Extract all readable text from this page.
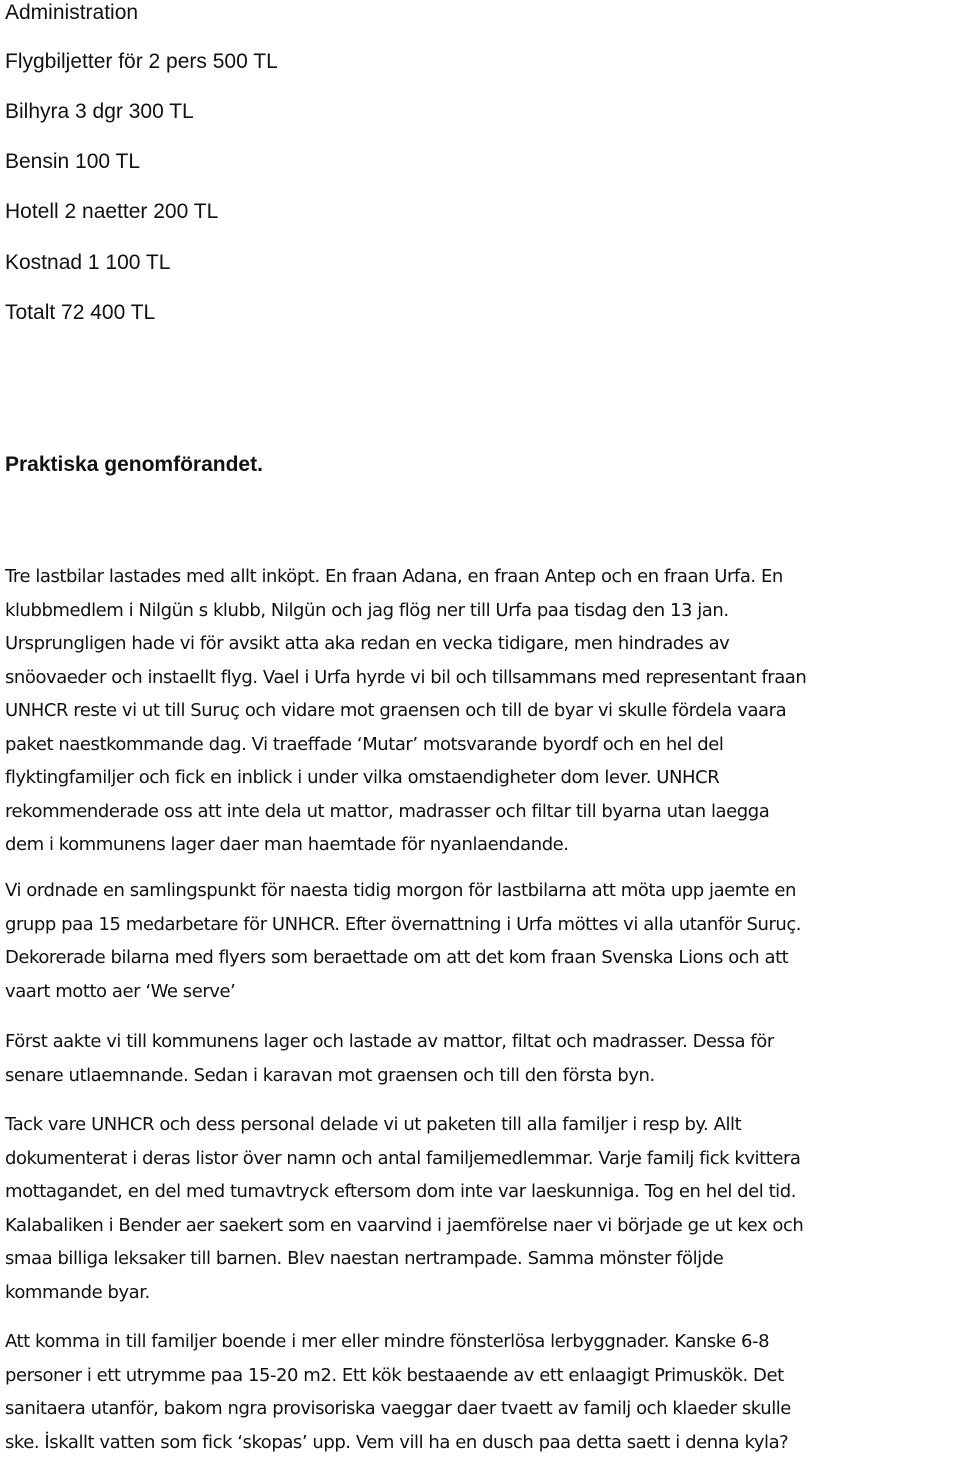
Administration

Flygbiljetter för 2 pers 500 TL

Bilhyra 3 dgr 300 TL

Bensin 100 TL

Hotell 2 naetter 200 TL

Kostnad 1 100 TL

Totalt 72 400 TL

Praktiska genomförandet.

Tre lastbilar lastades med allt inköpt. En fraan Adana, en fraan Antep och en fraan Urfa. En

klubbmedlem i Nilgün s klubb, Nilgün och jag flög ner till Urfa paa tisdag den 13 jan.

Ursprungligen hade vi för avsikt atta aka redan en vecka tidigare, men hindrades av

snöovaeder och instaellt flyg. Vael i Urfa hyrde vi bil och tillsammans med representant fraan

UNHCR reste vi ut till Suruç och vidare mot graensen och till de byar vi skulle fördela vaara

paket naestkommande dag. Vi traeffade ‘Mutar’ motsvarande byordf och en hel del

flyktingfamiljer och fick en inblick i under vilka omstaendigheter dom lever. UNHCR

rekommenderade oss att inte dela ut mattor, madrasser och filtar till byarna utan laegga

dem i kommunens lager daer man haemtade för nyanlaendande.

Vi ordnade en samlingspunkt för naesta tidig morgon för lastbilarna att möta upp jaemte en

grupp paa 15 medarbetare för UNHCR. Efter övernattning i Urfa möttes vi alla utanför Suruç.

Dekorerade bilarna med flyers som beraettade om att det kom fraan Svenska Lions och att

vaart motto aer ‘We serve’

Först aakte vi till kommunens lager och lastade av mattor, filtat och madrasser. Dessa för

senare utlaemnande. Sedan i karavan mot graensen och till den första byn.

Tack vare UNHCR och dess personal delade vi ut paketen till alla familjer i resp by. Allt

dokumenterat i deras listor över namn och antal familjemedlemmar. Varje familj fick kvittera

mottagandet, en del med tumavtryck eftersom dom inte var laeskunniga. Tog en hel del tid.

Kalabaliken i Bender aer saekert som en vaarvind i jaemförelse naer vi började ge ut kex och

smaa billiga leksaker till barnen. Blev naestan nertrampade. Samma mönster följde

kommande byar.

Att komma in till familjer boende i mer eller mindre fönsterlösa lerbyggnader. Kanske 6-8

personer i ett utrymme paa 15-20 m2. Ett kök bestaaende av ett enlaagigt Primuskök. Det

sanitaera utanför, bakom ngra provisoriska vaeggar daer tvaett av familj och klaeder skulle

ske. İskallt vatten som fick ‘skopas’ upp. Vem vill ha en dusch paa detta saett i denna kyla?
